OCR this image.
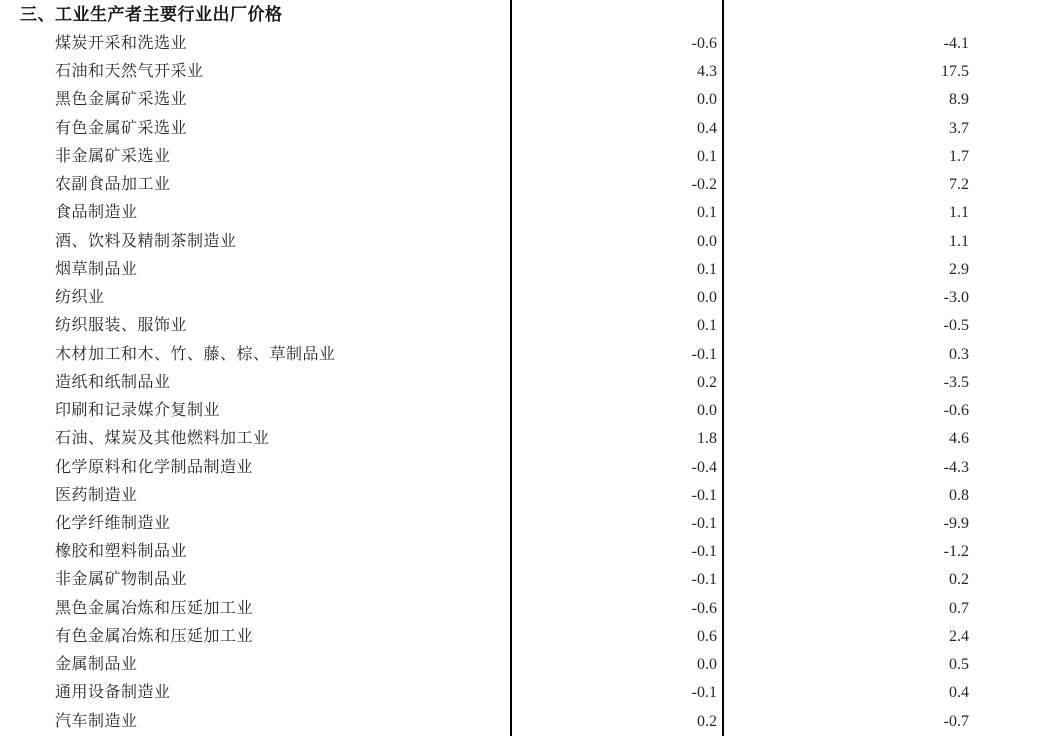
三、工业生产者主要行业出厂价格
煤炭开采和洗选业	-0.6	-4.1
石油和天然气开采业	4.3	17.5
黑色金属矿采选业	0.0	8.9
有色金属矿采选业	0.4	3.7
非金属矿采选业	0.1	1.7
农副食品加工业	-0.2	7.2
食品制造业	0.1	1.1
酒、饮料及精制茶制造业	0.0	1.1
烟草制品业	0.1	2.9
纺织业	0.0	-3.0
纺织服装、服饰业	0.1	-0.5
木材加工和木、竹、藤、棕、草制品业	-0.1	0.3
造纸和纸制品业	0.2	-3.5
印刷和记录媒介复制业	0.0	-0.6
石油、煤炭及其他燃料加工业	1.8	4.6
化学原料和化学制品制造业	-0.4	-4.3
医药制造业	-0.1	0.8
化学纤维制造业	-0.1	-9.9
橡胶和塑料制品业	-0.1	-1.2
非金属矿物制品业	-0.1	0.2
黑色金属冶炼和压延加工业	-0.6	0.7
有色金属冶炼和压延加工业	0.6	2.4
金属制品业	0.0	0.5
通用设备制造业	-0.1	0.4
汽车制造业	0.2	-0.7
